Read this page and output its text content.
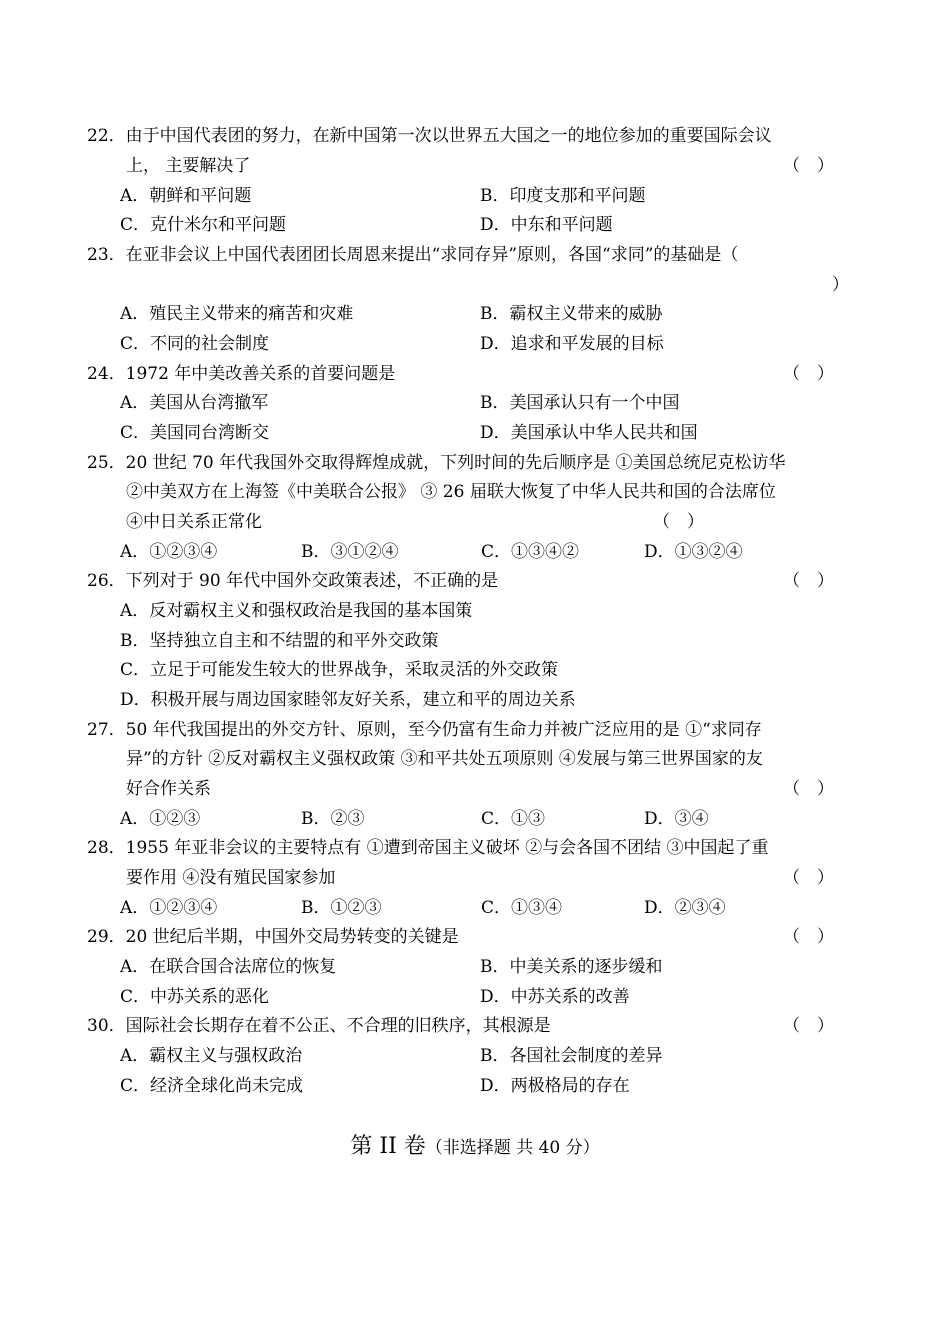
22．由于中国代表团的努力，在新中国第一次以世界五大国之一的地位参加的重要国际会议
上， 主要解决了	（　）
A．朝鲜和平问题	B．印度支那和平问题
C．克什米尔和平问题	D．中东和平问题
23．在亚非会议上中国代表团团长周恩来提出“求同存异”原则，各国“求同”的基础是（
）
A．殖民主义带来的痛苦和灾难	B．霸权主义带来的威胁
C．不同的社会制度	D．追求和平发展的目标
24．1972 年中美改善关系的首要问题是	（　）
A．美国从台湾撤军	B．美国承认只有一个中国
C．美国同台湾断交	D．美国承认中华人民共和国
25．20 世纪 70 年代我国外交取得辉煌成就，下列时间的先后顺序是 ①美国总统尼克松访华
②中美双方在上海签《中美联合公报》 ③ 26 届联大恢复了中华人民共和国的合法席位
④中日关系正常化	（　）
A．①②③④	B．③①②④	C．①③④②	D．①③②④
26．下列对于 90 年代中国外交政策表述，不正确的是	（　）
A．反对霸权主义和强权政治是我国的基本国策
B．坚持独立自主和不结盟的和平外交政策
C．立足于可能发生较大的世界战争，采取灵活的外交政策
D．积极开展与周边国家睦邻友好关系，建立和平的周边关系
27．50 年代我国提出的外交方针、原则，至今仍富有生命力并被广泛应用的是 ①“求同存
异”的方针 ②反对霸权主义强权政策 ③和平共处五项原则 ④发展与第三世界国家的友
好合作关系	（　）
A．①②③	B．②③	C．①③	D．③④
28．1955 年亚非会议的主要特点有 ①遭到帝国主义破坏 ②与会各国不团结 ③中国起了重
要作用 ④没有殖民国家参加	（　）
A．①②③④	B．①②③	C．①③④	D．②③④
29．20 世纪后半期，中国外交局势转变的关键是	（　）
A．在联合国合法席位的恢复	B．中美关系的逐步缓和
C．中苏关系的恶化	D．中苏关系的改善
30．国际社会长期存在着不公正、不合理的旧秩序，其根源是	（　）
A．霸权主义与强权政治	B．各国社会制度的差异
C．经济全球化尚未完成	D．两极格局的存在
第 II 卷（非选择题 共 40 分）
